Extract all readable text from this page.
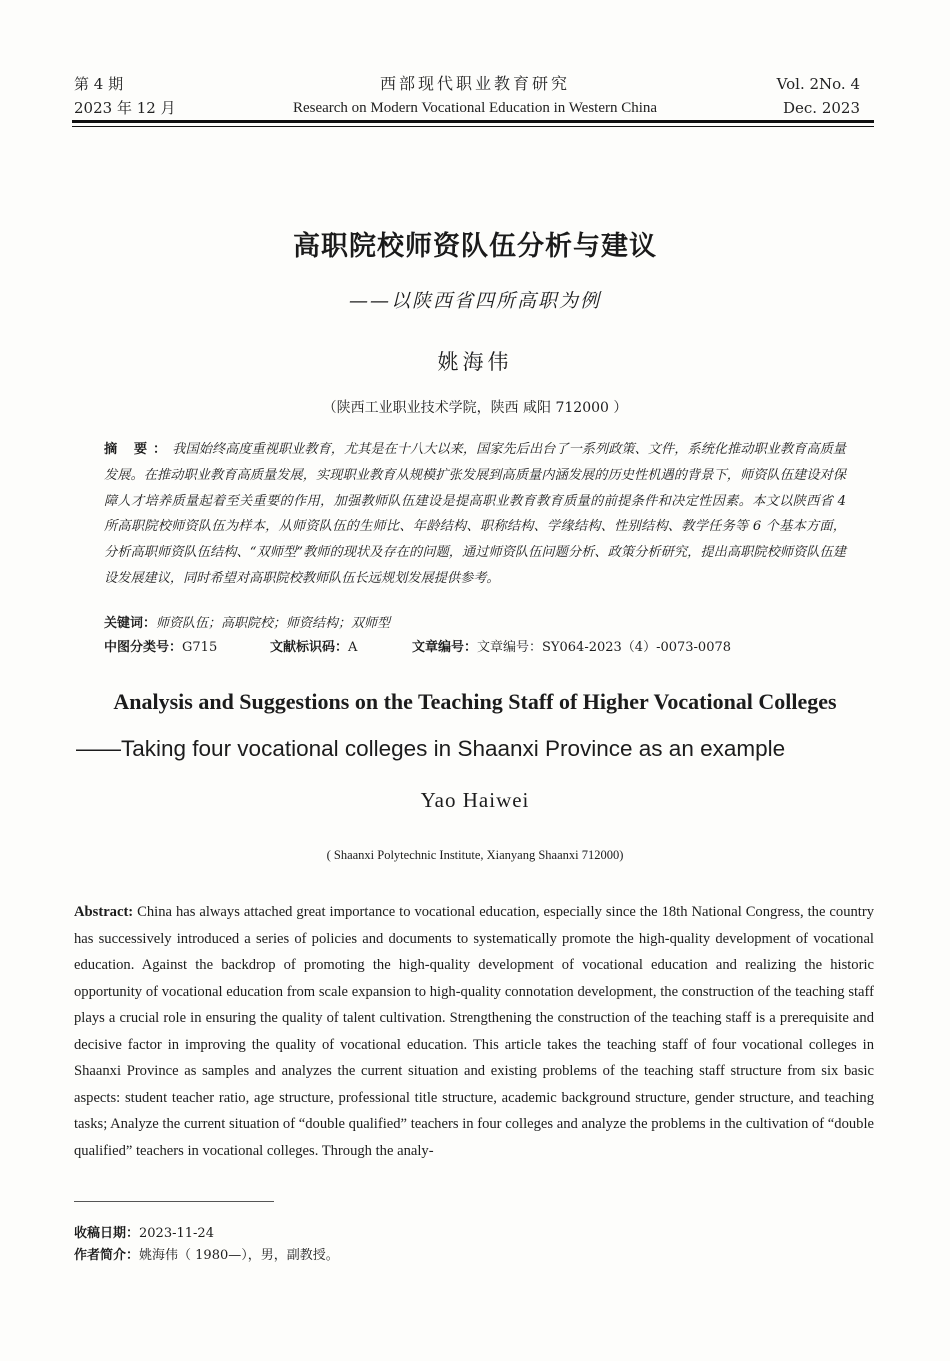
第 4 期
2023 年 12 月
西部现代职业教育研究
Research on Modern Vocational Education in Western China
Vol. 2No. 4
Dec. 2023
高职院校师资队伍分析与建议
——以陕西省四所高职为例
姚海伟
（陕西工业职业技术学院，陕西 咸阳 712000 ）
摘 要：我国始终高度重视职业教育，尤其是在十八大以来，国家先后出台了一系列政策、文件，系统化推动职业教育高质量发展。在推动职业教育高质量发展，实现职业教育从规模扩张发展到高质量内涵发展的历史性机遇的背景下，师资队伍建设对保障人才培养质量起着至关重要的作用，加强教师队伍建设是提高职业教育教育质量的前提条件和决定性因素。本文以陕西省 4 所高职院校师资队伍为样本，从师资队伍的生师比、年龄结构、职称结构、学缘结构、性别结构、教学任务等 6 个基本方面，分析高职师资队伍结构、“双师型”教师的现状及存在的问题，通过师资队伍问题分析、政策分析研究，提出高职院校师资队伍建设发展建议，同时希望对高职院校教师队伍长远规划发展提供参考。
关键词：师资队伍；高职院校；师资结构；双师型
中图分类号：G715	文献标识码：A	文章编号：文章编号：SY064-2023（4）-0073-0078
Analysis and Suggestions on the Teaching Staff of Higher Vocational Colleges
——Taking four vocational colleges in Shaanxi Province as an example
Yao Haiwei
( Shaanxi Polytechnic Institute, Xianyang Shaanxi 712000)
Abstract: China has always attached great importance to vocational education, especially since the 18th National Congress, the country has successively introduced a series of policies and documents to systematically promote the high-quality development of vocational education. Against the backdrop of promoting the high-quality development of vocational education and realizing the historic opportunity of vocational education from scale expansion to high-quality connotation development, the construction of the teaching staff plays a crucial role in ensuring the quality of talent cultivation. Strengthening the construction of the teaching staff is a prerequisite and decisive factor in improving the quality of vocational education. This article takes the teaching staff of four vocational colleges in Shaanxi Province as samples and analyzes the current situation and existing problems of the teaching staff structure from six basic aspects: student teacher ratio, age structure, professional title structure, academic background structure, gender structure, and teaching tasks; Analyze the current situation of “double qualified” teachers in four colleges and analyze the problems in the cultivation of “double qualified” teachers in vocational colleges. Through the analy-
收稿日期：2023-11-24
作者简介：姚海伟（ 1980—），男，副教授。
